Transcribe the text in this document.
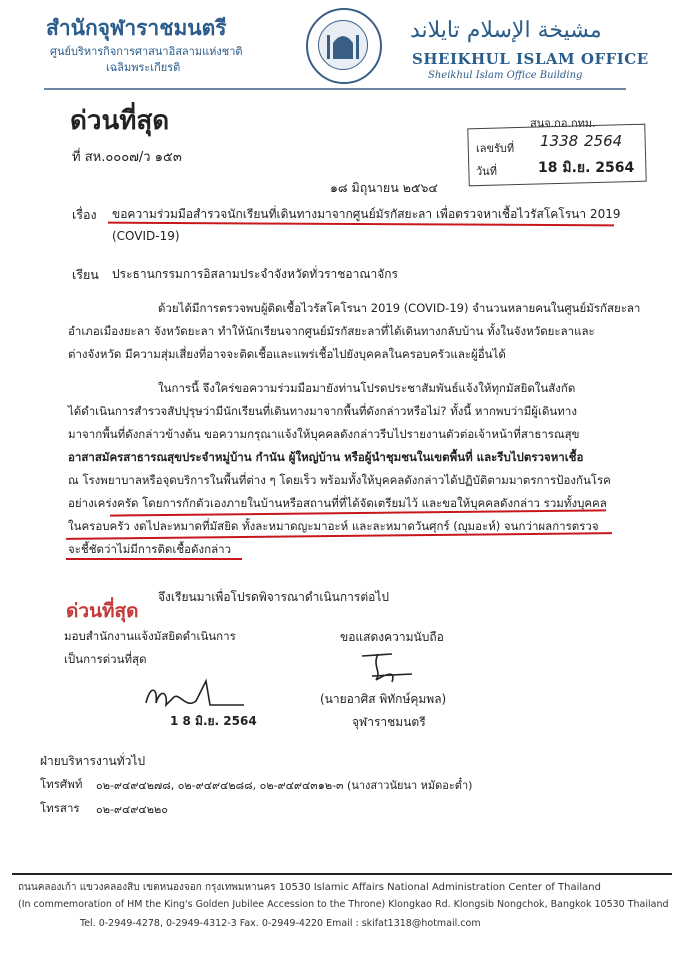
สำนักจุฬาราชมนตรี
ศูนย์บริหารกิจการศาสนาอิสลามแห่งชาติ
เฉลิมพระเกียรติ
مشيخة الإسلام تايلاند
SHEIKHUL ISLAM OFFICE
Sheikhul Islam Office Building
ด่วนที่สุด
ที่ สห.๐๐๐๗/ว ๑๕๓
สนจ.กอ.กทม.
เลขรับที่ 1338 2564
วันที่	18 มิ.ย. 2564
๑๘ มิถุนายน ๒๕๖๔
เรื่อง ขอความร่วมมือสำรวจนักเรียนที่เดินทางมาจากศูนย์มัรกัสยะลา เพื่อตรวจหาเชื้อไวรัสโคโรนา 2019
(COVID-19)
เรียน ประธานกรรมการอิสลามประจำจังหวัดทั่วราชอาณาจักร
ด้วยได้มีการตรวจพบผู้ติดเชื้อไวรัสโคโรนา 2019 (COVID-19) จำนวนหลายคนในศูนย์มัรกัสยะลา
อำเภอเมืองยะลา จังหวัดยะลา ทำให้นักเรียนจากศูนย์มัรกัสยะลาที่ได้เดินทางกลับบ้าน ทั้งในจังหวัดยะลาและ
ต่างจังหวัด มีความสุ่มเสี่ยงที่อาจจะติดเชื้อและแพร่เชื้อไปยังบุคคลในครอบครัวและผู้อื่นได้
ในการนี้ จึงใคร่ขอความร่วมมือมายังท่านโปรดประชาสัมพันธ์แจ้งให้ทุกมัสยิดในสังกัด
ได้ดำเนินการสำรวจสัปปุรุษว่ามีนักเรียนที่เดินทางมาจากพื้นที่ดังกล่าวหรือไม่? ทั้งนี้ หากพบว่ามีผู้เดินทาง
มาจากพื้นที่ดังกล่าวข้างต้น ขอความกรุณาแจ้งให้บุคคลดังกล่าวรีบไปรายงานตัวต่อเจ้าหน้าที่สาธารณสุข
อาสาสมัครสาธารณสุขประจำหมู่บ้าน กำนัน ผู้ใหญ่บ้าน หรือผู้นำชุมชนในเขตพื้นที่ และรีบไปตรวจหาเชื้อ
ณ โรงพยาบาลหรือจุดบริการในพื้นที่ต่าง ๆ โดยเร็ว พร้อมทั้งให้บุคคลดังกล่าวได้ปฏิบัติตามมาตรการป้องกันโรค
อย่างเคร่งครัด โดยการกักตัวเองภายในบ้านหรือสถานที่ที่ได้จัดเตรียมไว้ และขอให้บุคคลดังกล่าว รวมทั้งบุคคล
ในครอบครัว งดไปละหมาดที่มัสยิด ทั้งละหมาดญะมาอะห์ และละหมาดวันศุกร์ (ญุมอะห์) จนกว่าผลการตรวจ
จะชี้ชัดว่าไม่มีการติดเชื้อดังกล่าว
จึงเรียนมาเพื่อโปรดพิจารณาดำเนินการต่อไป
ด่วนที่สุด
มอบสำนักงานแจ้งมัสยิดดำเนินการ
เป็นการด่วนที่สุด
1 8 มิ.ย. 2564
ขอแสดงความนับถือ
(นายอาศิส พิทักษ์คุมพล)
จุฬาราชมนตรี
ฝ่ายบริหารงานทั่วไป
โทรศัพท์ ๐๒-๙๔๙๔๒๗๘, ๐๒-๙๔๙๔๒๘๘, ๐๒-๙๔๙๔๓๑๒-๓ (นางสาวนัยนา หมัดอะต๋ำ)
โทรสาร ๐๒-๙๔๙๔๒๒๐
ถนนคลองเก้า แขวงคลองสิบ เขตหนองจอก กรุงเทพมหานคร 10530 Islamic Affairs National Administration Center of Thailand
(In commemoration of HM the King's Golden Jubilee Accession to the Throne) Klongkao Rd. Klongsib Nongchok, Bangkok 10530 Thailand
Tel. 0-2949-4278, 0-2949-4312-3 Fax. 0-2949-4220 Email : skifat1318@hotmail.com
